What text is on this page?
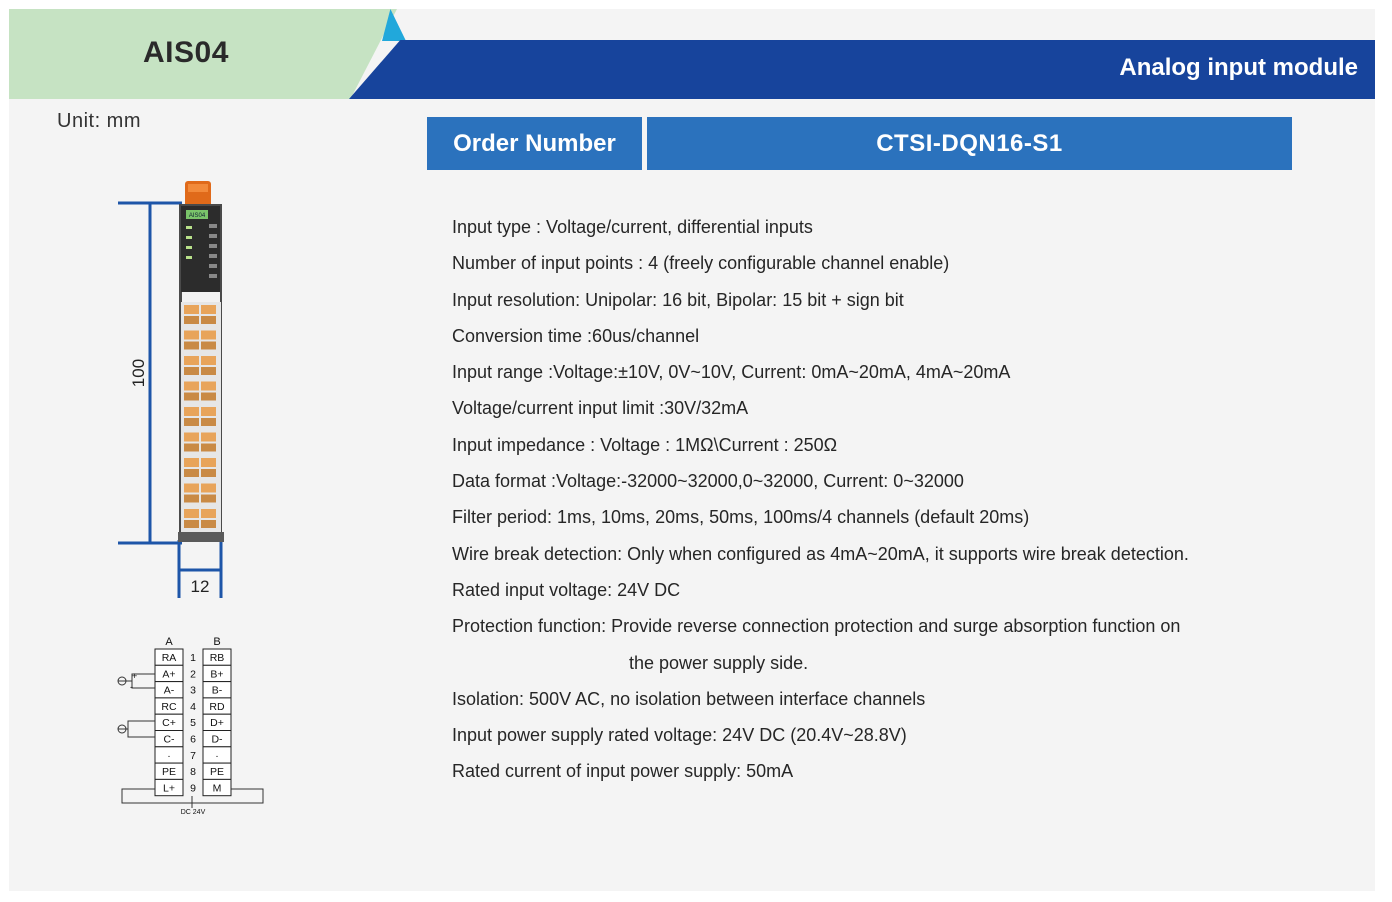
AIS04	Analog input module
Unit: mm
Order Number	CTSI-DQN16-S1
Input type : Voltage/current, differential inputs
Number of input points : 4 (freely configurable channel enable)
Input resolution: Unipolar: 16 bit, Bipolar: 15 bit + sign bit
Conversion time :60us/channel
Input range :Voltage:±10V, 0V~10V, Current: 0mA~20mA, 4mA~20mA
Voltage/current input limit :30V/32mA
Input impedance : Voltage : 1MΩ\Current : 250Ω
Data format :Voltage:-32000~32000,0~32000, Current: 0~32000
Filter period: 1ms, 10ms, 20ms, 50ms, 100ms/4 channels (default 20ms)
Wire break detection: Only when configured as 4mA~20mA, it supports wire break detection.
Rated input voltage: 24V DC
Protection function: Provide reverse connection protection and surge absorption function on
the power supply side.
Isolation: 500V AC, no isolation between interface channels
Input power supply rated voltage: 24V DC (20.4V~28.8V)
Rated current of input power supply: 50mA
100
12
AIS04
A	B
RA 1 RB
A+ 2 B+
A- 3 B-
RC 4 RD
C+ 5 D+
C- 6 D-
· 7 ·
PE 8 PE
L+ 9 M
+
-
DC 24V
